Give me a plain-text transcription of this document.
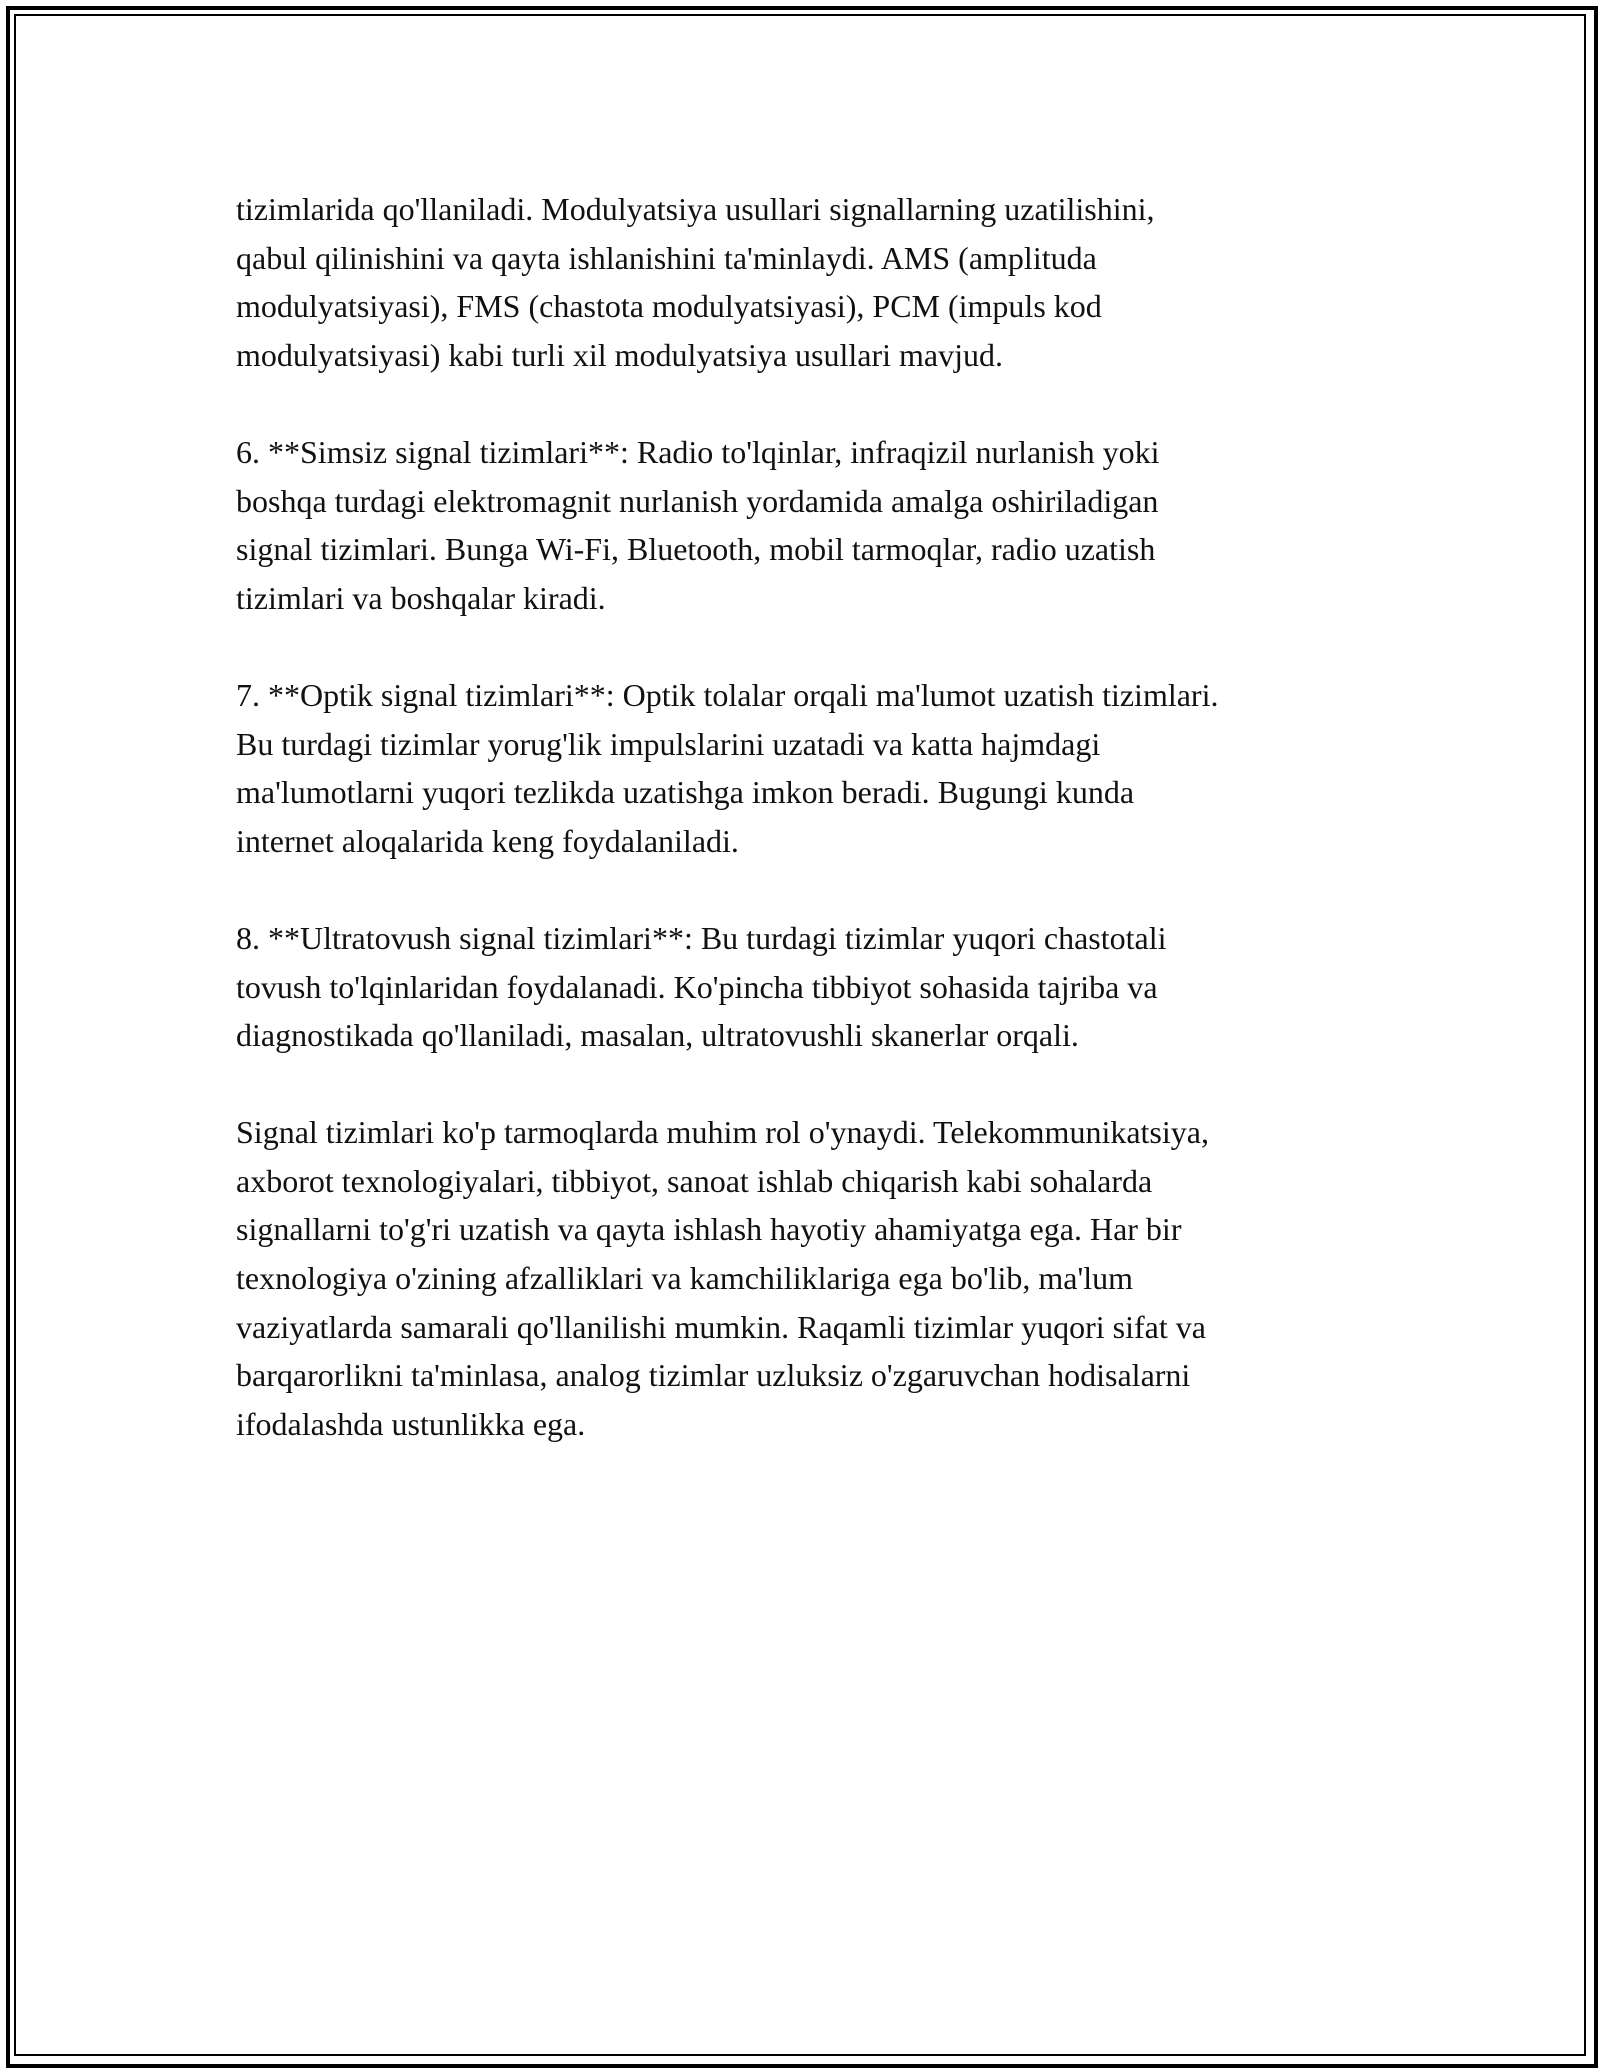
tizimlarida qo'llaniladi. Modulyatsiya usullari signallarning uzatilishini,
qabul qilinishini va qayta ishlanishini ta'minlaydi. AMS (amplituda
modulyatsiyasi), FMS (chastota modulyatsiyasi), PCM (impuls kod
modulyatsiyasi) kabi turli xil modulyatsiya usullari mavjud.

6. **Simsiz signal tizimlari**: Radio to'lqinlar, infraqizil nurlanish yoki
boshqa turdagi elektromagnit nurlanish yordamida amalga oshiriladigan
signal tizimlari. Bunga Wi-Fi, Bluetooth, mobil tarmoqlar, radio uzatish
tizimlari va boshqalar kiradi.

7. **Optik signal tizimlari**: Optik tolalar orqali ma'lumot uzatish tizimlari.
Bu turdagi tizimlar yorug'lik impulslarini uzatadi va katta hajmdagi
ma'lumotlarni yuqori tezlikda uzatishga imkon beradi. Bugungi kunda
internet aloqalarida keng foydalaniladi.

8. **Ultratovush signal tizimlari**: Bu turdagi tizimlar yuqori chastotali
tovush to'lqinlaridan foydalanadi. Ko'pincha tibbiyot sohasida tajriba va
diagnostikada qo'llaniladi, masalan, ultratovushli skanerlar orqali.

Signal tizimlari ko'p tarmoqlarda muhim rol o'ynaydi. Telekommunikatsiya,
axborot texnologiyalari, tibbiyot, sanoat ishlab chiqarish kabi sohalarda
signallarni to'g'ri uzatish va qayta ishlash hayotiy ahamiyatga ega. Har bir
texnologiya o'zining afzalliklari va kamchiliklariga ega bo'lib, ma'lum
vaziyatlarda samarali qo'llanilishi mumkin. Raqamli tizimlar yuqori sifat va
barqarorlikni ta'minlasa, analog tizimlar uzluksiz o'zgaruvchan hodisalarni
ifodalashda ustunlikka ega.
